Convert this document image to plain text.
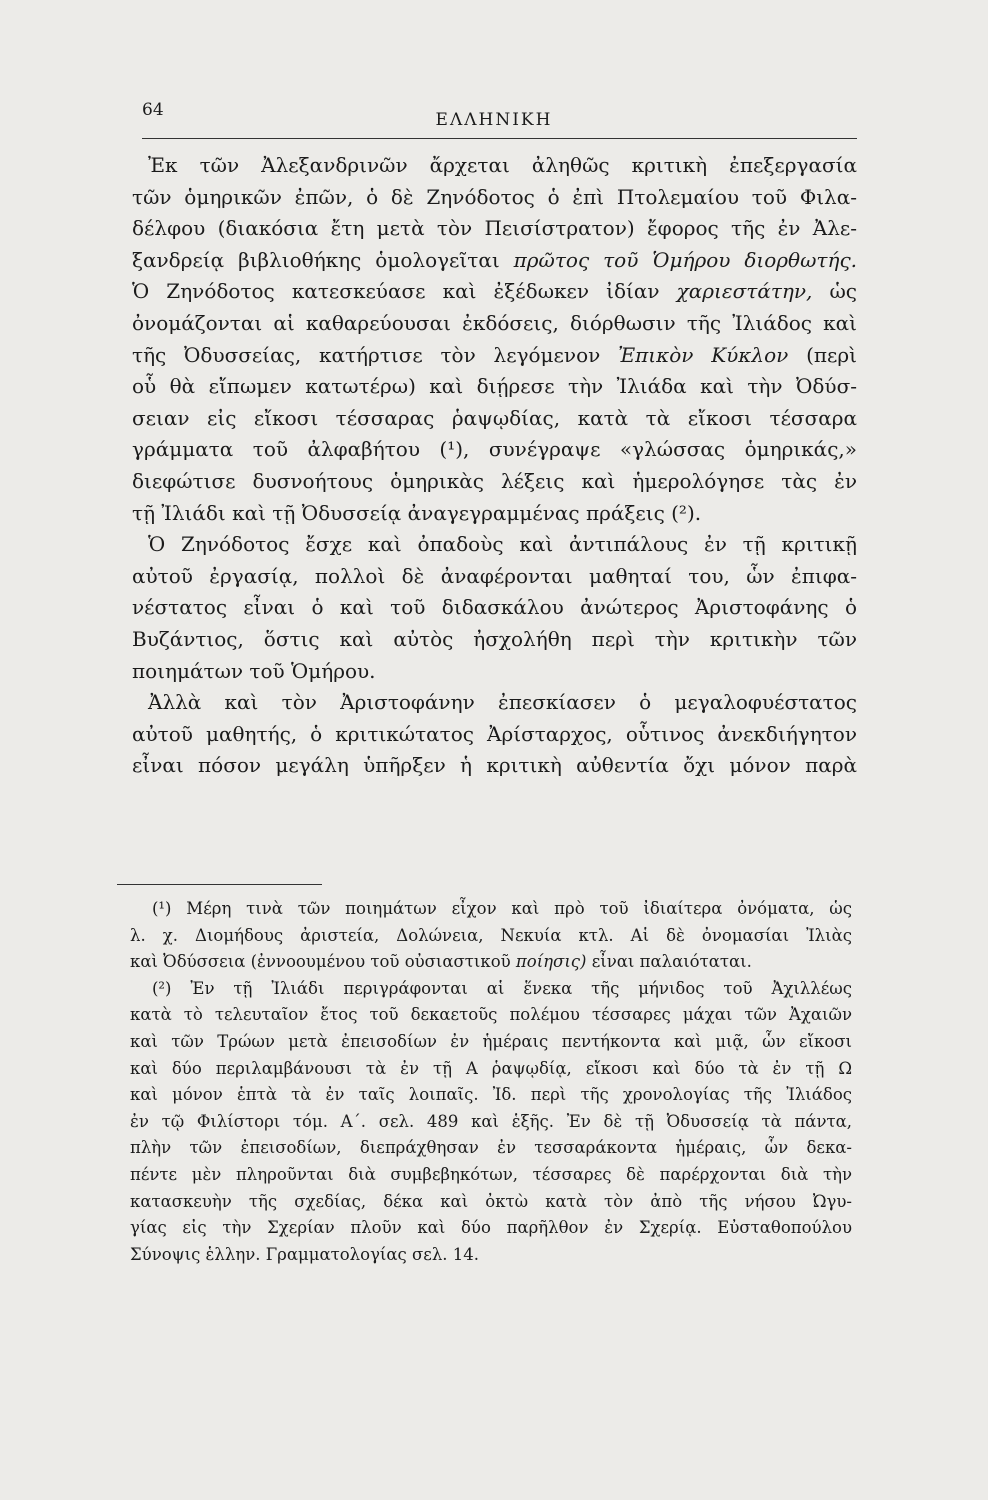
64	ΕΛΛΗΝΙΚΗ
Ἐκ τῶν Ἀλεξανδρινῶν ἄρχεται ἀληθῶς κριτικὴ ἐπεξεργασία
τῶν ὁμηρικῶν ἐπῶν, ὁ δὲ Ζηνόδοτος ὁ ἐπὶ Πτολεμαίου τοῦ Φιλα-
δέλφου (διακόσια ἔτη μετὰ τὸν Πεισίστρατον) ἔφορος τῆς ἐν Ἀλε-
ξανδρείᾳ βιβλιοθήκης ὁμολογεῖται πρῶτος τοῦ Ὁμήρου διορθωτής.
Ὁ Ζηνόδοτος κατεσκεύασε καὶ ἐξέδωκεν ἰδίαν χαριεστάτην, ὡς
ὀνομάζονται αἱ καθαρεύουσαι ἐκδόσεις, διόρθωσιν τῆς Ἰλιάδος καὶ
τῆς Ὀδυσσείας, κατήρτισε τὸν λεγόμενον Ἐπικὸν Κύκλον (περὶ
οὗ θὰ εἴπωμεν κατωτέρω) καὶ διῄρεσε τὴν Ἰλιάδα καὶ τὴν Ὀδύσ-
σειαν εἰς εἴκοσι τέσσαρας ῥαψῳδίας, κατὰ τὰ εἴκοσι τέσσαρα
γράμματα τοῦ ἀλφαβήτου (¹), συνέγραψε «γλώσσας ὁμηρικάς,»
διεφώτισε δυσνοήτους ὁμηρικὰς λέξεις καὶ ἡμερολόγησε τὰς ἐν
τῇ Ἰλιάδι καὶ τῇ Ὀδυσσείᾳ ἀναγεγραμμένας πράξεις (²).
Ὁ Ζηνόδοτος ἔσχε καὶ ὀπαδοὺς καὶ ἀντιπάλους ἐν τῇ κριτικῇ
αὐτοῦ ἐργασίᾳ, πολλοὶ δὲ ἀναφέρονται μαθηταί του, ὧν ἐπιφα-
νέστατος εἶναι ὁ καὶ τοῦ διδασκάλου ἀνώτερος Ἀριστοφάνης ὁ
Βυζάντιος, ὅστις καὶ αὐτὸς ἠσχολήθη περὶ τὴν κριτικὴν τῶν
ποιημάτων τοῦ Ὁμήρου.
Ἀλλὰ καὶ τὸν Ἀριστοφάνην ἐπεσκίασεν ὁ μεγαλοφυέστατος
αὐτοῦ μαθητής, ὁ κριτικώτατος Ἀρίσταρχος, οὗτινος ἀνεκδιήγητον
εἶναι πόσον μεγάλη ὑπῆρξεν ἡ κριτικὴ αὐθεντία ὄχι μόνον παρὰ
(¹) Μέρη τινὰ τῶν ποιημάτων εἶχον καὶ πρὸ τοῦ ἰδιαίτερα ὀνόματα, ὡς
λ. χ. Διομήδους ἀριστεία, Δολώνεια, Νεκυία κτλ. Αἱ δὲ ὀνομασίαι Ἰλιὰς
καὶ Ὀδύσσεια (ἐννοουμένου τοῦ οὐσιαστικοῦ ποίησις) εἶναι παλαιόταται.
(²) Ἐν τῇ Ἰλιάδι περιγράφονται αἱ ἕνεκα τῆς μήνιδος τοῦ Ἀχιλλέως
κατὰ τὸ τελευταῖον ἔτος τοῦ δεκαετοῦς πολέμου τέσσαρες μάχαι τῶν Ἀχαιῶν
καὶ τῶν Τρώων μετὰ ἐπεισοδίων ἐν ἡμέραις πεντήκοντα καὶ μιᾷ, ὧν εἴκοσι
καὶ δύο περιλαμβάνουσι τὰ ἐν τῇ Α ῥαψῳδίᾳ, εἴκοσι καὶ δύο τὰ ἐν τῇ Ω
καὶ μόνον ἑπτὰ τὰ ἐν ταῖς λοιπαῖς. Ἰδ. περὶ τῆς χρονολογίας τῆς Ἰλιάδος
ἐν τῷ Φιλίστορι τόμ. Α΄. σελ. 489 καὶ ἑξῆς. Ἐν δὲ τῇ Ὀδυσσείᾳ τὰ πάντα,
πλὴν τῶν ἐπεισοδίων, διεπράχθησαν ἐν τεσσαράκοντα ἡμέραις, ὧν δεκα-
πέντε μὲν πληροῦνται διὰ συμβεβηκότων, τέσσαρες δὲ παρέρχονται διὰ τὴν
κατασκευὴν τῆς σχεδίας, δέκα καὶ ὀκτὼ κατὰ τὸν ἀπὸ τῆς νήσου Ὠγυ-
γίας εἰς τὴν Σχερίαν πλοῦν καὶ δύο παρῆλθον ἐν Σχερίᾳ. Εὐσταθοπούλου
Σύνοψις ἑλλην. Γραμματολογίας σελ. 14.
